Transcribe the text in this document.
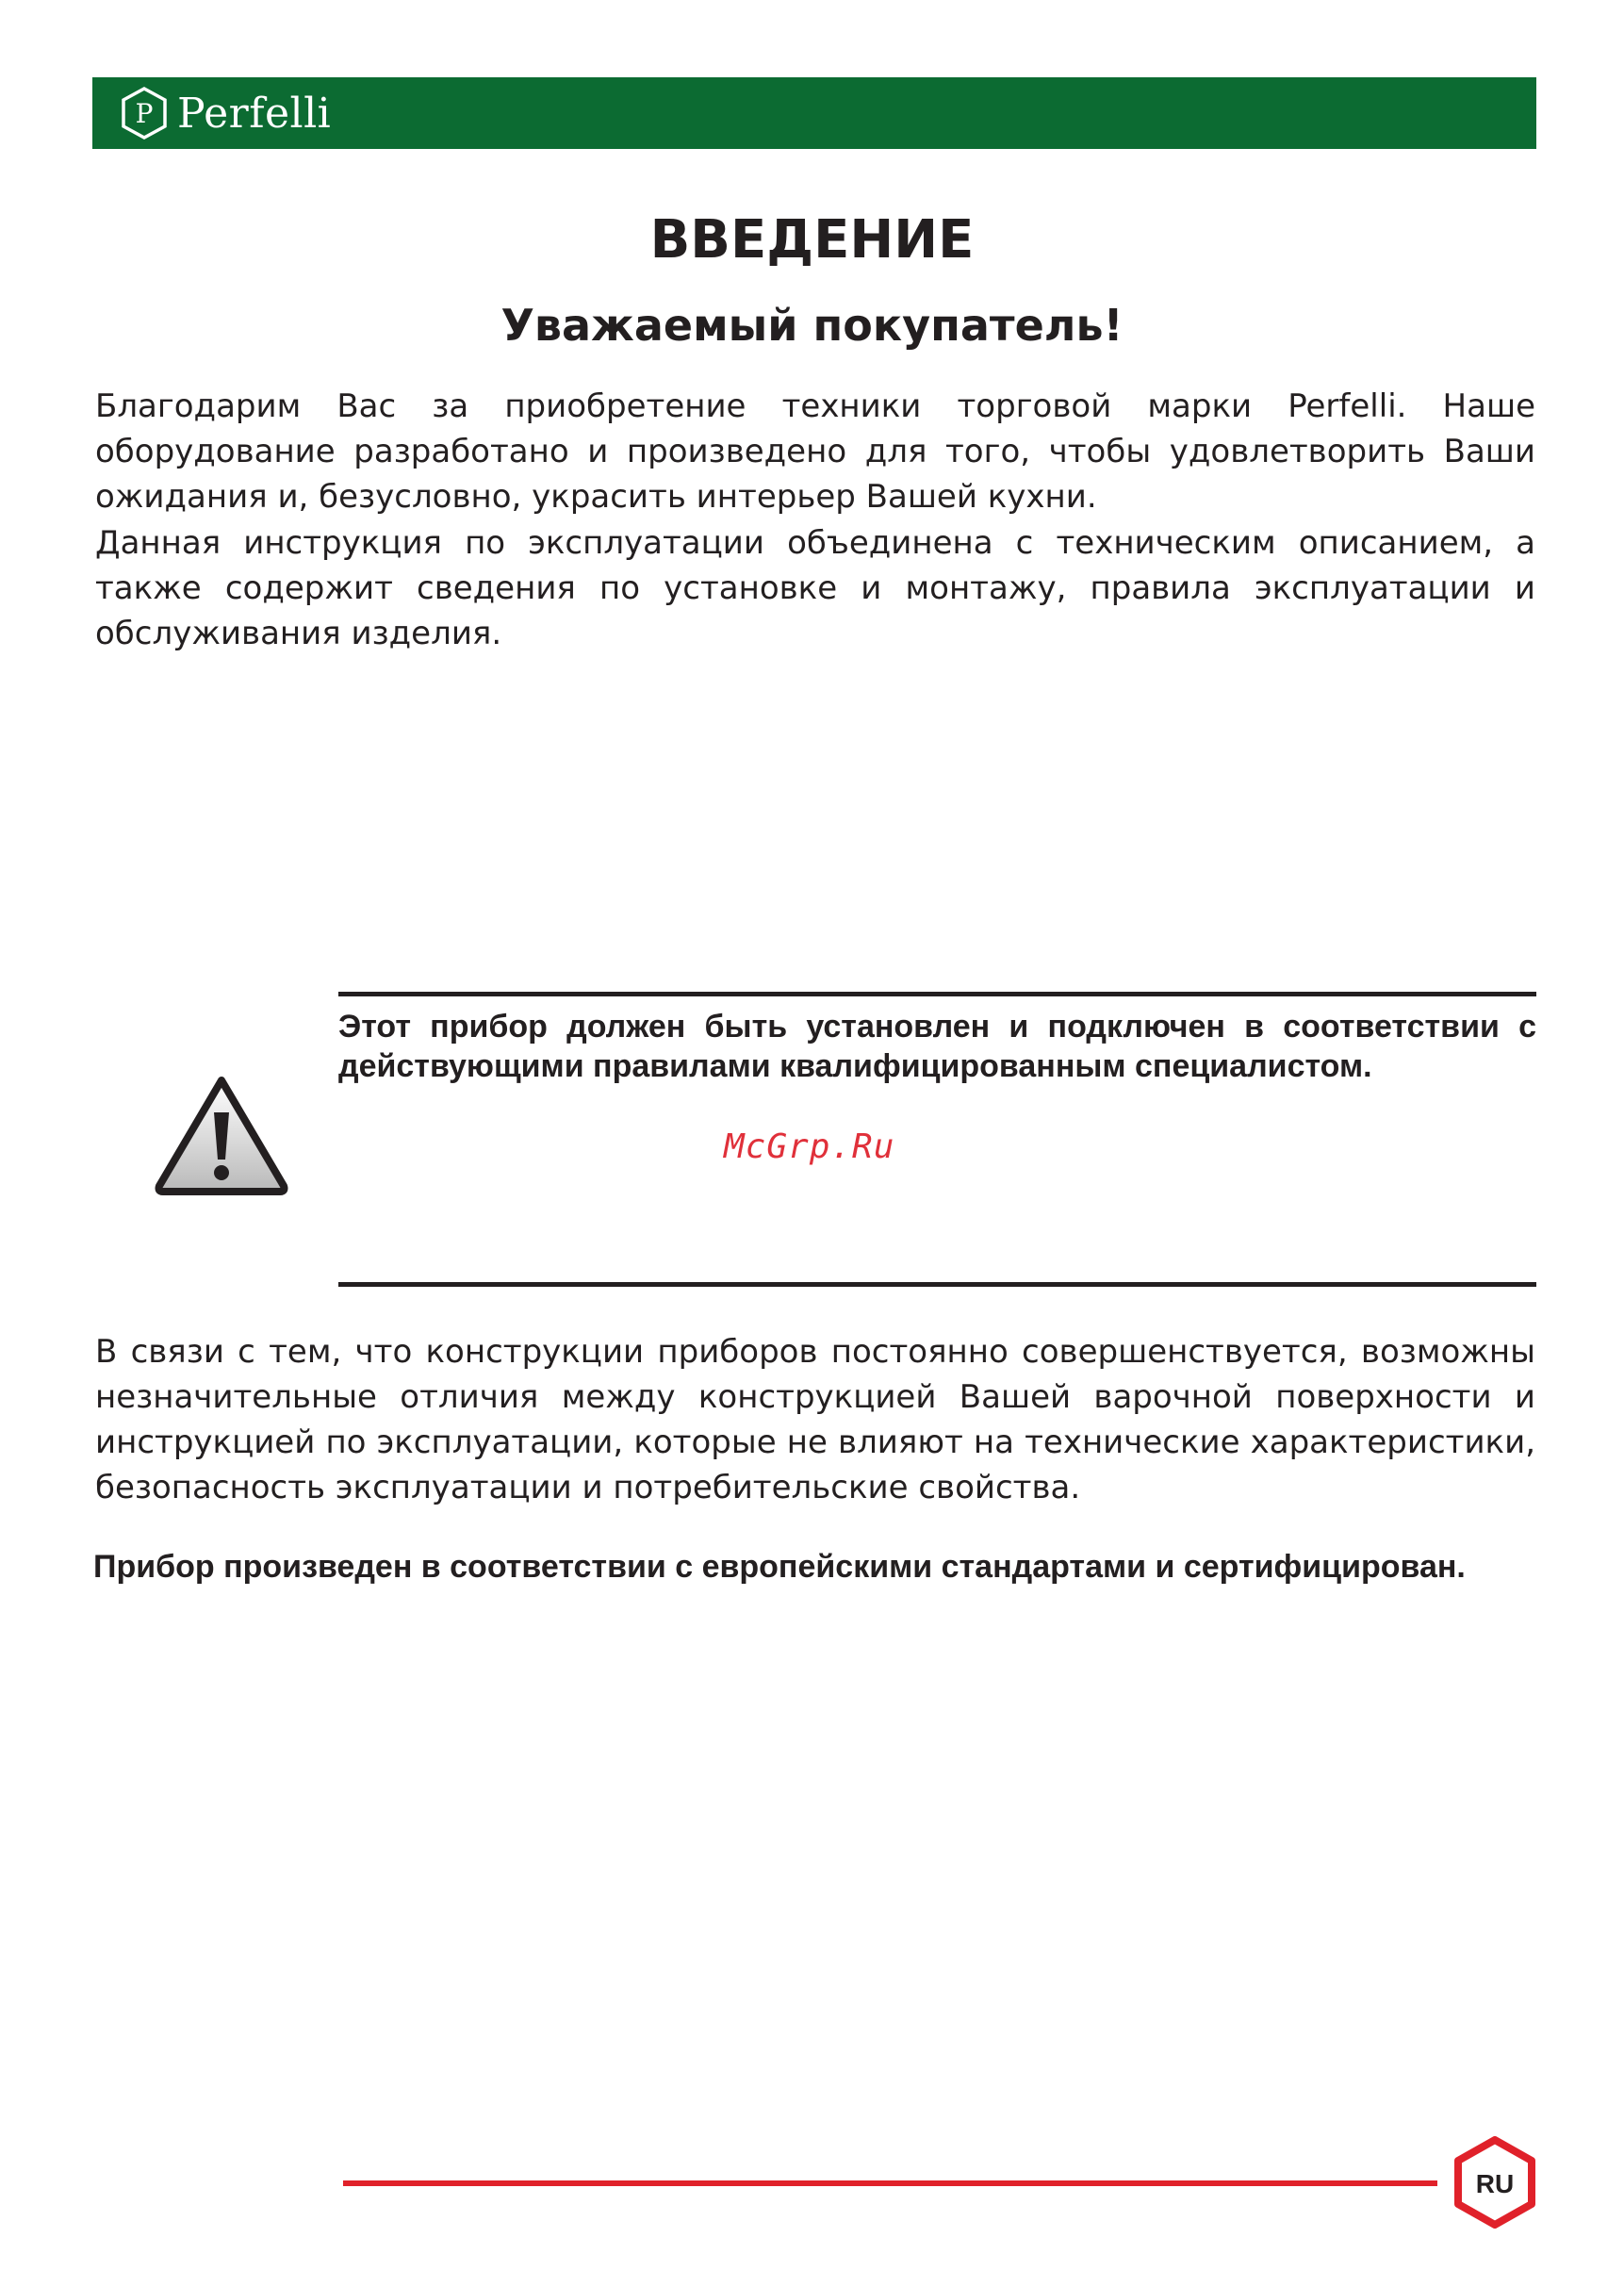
P Perfelli
ВВЕДЕНИЕ
Уважаемый покупатель!

Благодарим Вас за приобретение техники торговой марки Perfelli. Наше оборудование разработано и произведено для того, чтобы удовлетворить Ваши ожидания и, безусловно, украсить интерьер Вашей кухни.

Данная инструкция по эксплуатации объединена с техническим описанием, а также содержит сведения по установке и монтажу, правила эксплуатации и обслуживания изделия.

Этот прибор должен быть установлен и подключен в соответствии с действующими правилами квалифицированным специалистом.

McGrp.Ru

В связи с тем, что конструкции приборов постоянно совершенствуется, возможны незначительные отличия между конструкцией Вашей варочной поверхности и инструкцией по эксплуатации, которые не влияют на технические характеристики, безопасность эксплуатации и потребительские свойства.

Прибор произведен в соответствии с европейскими стандартами и сертифицирован.

RU
